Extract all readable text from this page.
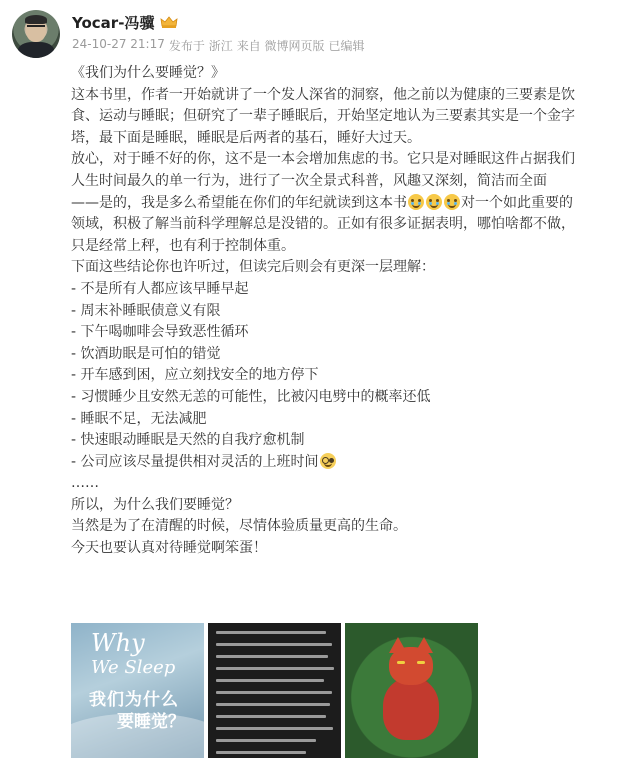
Yocar-冯骥
24-10-27 21:17 发布于 浙江 来自 微博网页版 已编辑
《我们为什么要睡觉？》
这本书里，作者一开始就讲了一个发人深省的洞察，他之前以为健康的三要素是饮
食、运动与睡眠；但研究了一辈子睡眠后，开始坚定地认为三要素其实是一个金字
塔，最下面是睡眠，睡眠是后两者的基石，睡好大过天。
放心，对于睡不好的你，这不是一本会增加焦虑的书。它只是对睡眠这件占据我们
人生时间最久的单一行为，进行了一次全景式科普，风趣又深刻，简洁而全面
——是的，我是多么希望能在你们的年纪就读到这本书	对一个如此重要的
领域，积极了解当前科学理解总是没错的。正如有很多证据表明，哪怕啥都不做，
只是经常上秤，也有利于控制体重。
下面这些结论你也许听过，但读完后则会有更深一层理解：
- 不是所有人都应该早睡早起
- 周末补睡眠债意义有限
- 下午喝咖啡会导致恶性循环
- 饮酒助眠是可怕的错觉
- 开车感到困，应立刻找安全的地方停下
- 习惯睡少且安然无恙的可能性，比被闪电劈中的概率还低
- 睡眠不足，无法减肥
- 快速眼动睡眠是天然的自我疗愈机制
- 公司应该尽量提供相对灵活的上班时间
……
所以，为什么我们要睡觉？
当然是为了在清醒的时候，尽情体验质量更高的生命。
今天也要认真对待睡觉啊笨蛋！
Why
We Sleep
我们为什么
要睡觉？
